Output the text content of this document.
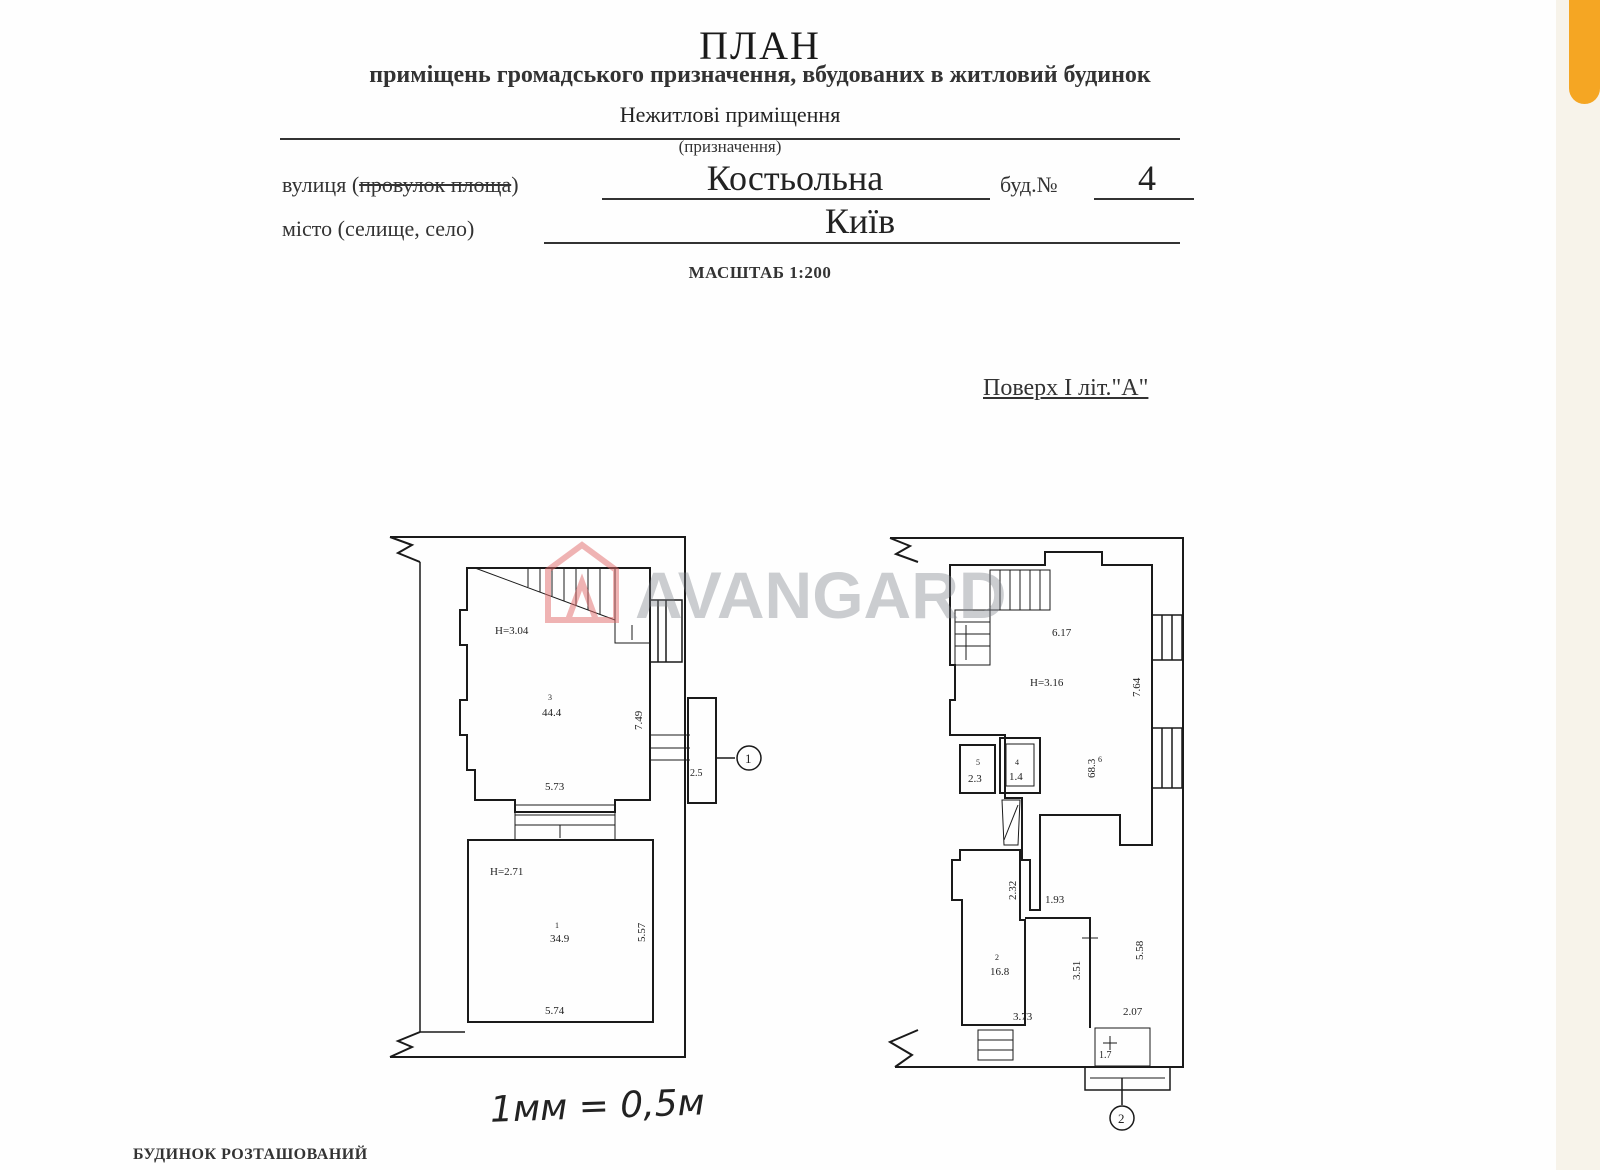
ПЛАН
приміщень громадського призначення, вбудованих в житловий будинок
Нежитлові приміщення
(призначення)
вулиця (провулок площа)	Костьольна	буд.№	4
місто (селище, село)	Київ
МАСШТАБ 1:200
Поверх I літ."А"
H=3.04
3
44.4	7.49
5.73
2.5
1
H=2.71
1
34.9	5.57
5.74
6.17
H=3.16	7.64
5
2.3
4
1.4
6
68.3
2.32 1.93
2
16.8	3.51
5.58
3.73	2.07
1.7
2
AVANGARD
1мм = 0,5м
БУДИНОК РОЗТАШОВАНИЙ
